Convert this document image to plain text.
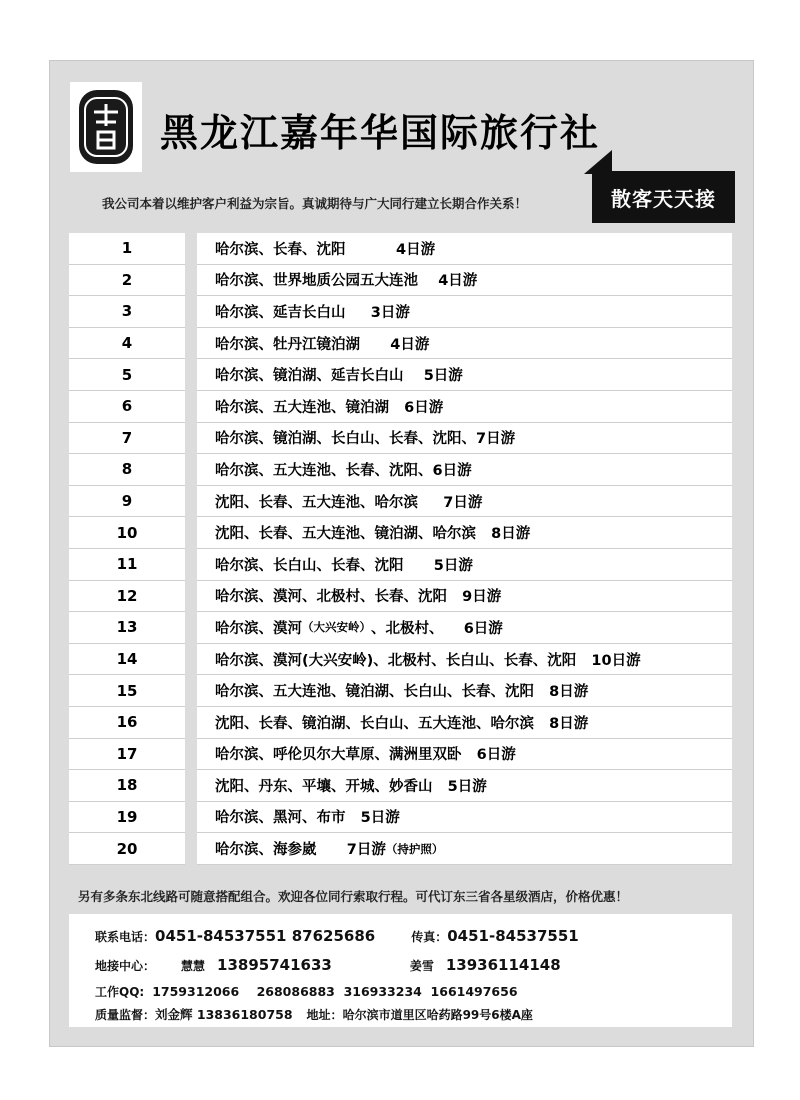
黑龙江嘉年华国际旅行社
我公司本着以维护客户利益为宗旨。真诚期待与广大同行建立长期合作关系！	散客天天接
1	哈尔滨、长春、沈阳          4日游
2	哈尔滨、世界地质公园五大连池    4日游
3	哈尔滨、延吉长白山     3日游
4	哈尔滨、牡丹江镜泊湖      4日游
5	哈尔滨、镜泊湖、延吉长白山    5日游
6	哈尔滨、五大连池、镜泊湖   6日游
7	哈尔滨、镜泊湖、长白山、长春、沈阳、7日游
8	哈尔滨、五大连池、长春、沈阳、6日游
9	沈阳、长春、五大连池、哈尔滨     7日游
10	沈阳、长春、五大连池、镜泊湖、哈尔滨   8日游
11	哈尔滨、长白山、长春、沈阳      5日游
12	哈尔滨、漠河、北极村、长春、沈阳   9日游
13	哈尔滨、漠河 （大兴安岭） 、北极村、    6日游
14	哈尔滨、漠河(大兴安岭)、北极村、长白山、长春、沈阳   10日游
15	哈尔滨、五大连池、镜泊湖、长白山、长春、沈阳   8日游
16	沈阳、长春、镜泊湖、长白山、五大连池、哈尔滨   8日游
17	哈尔滨、呼伦贝尔大草原、满洲里双卧   6日游
18	沈阳、丹东、平壤、开城、妙香山   5日游
19	哈尔滨、黑河、布市   5日游
20	哈尔滨、海参崴      7日游 （持护照）
另有多条东北线路可随意搭配组合。欢迎各位同行索取行程。可代订东三省各星级酒店，价格优惠！
联系电话：0451-84537551 87625686	传真：0451-84537551
地接中心： 慧慧 13895741633	姜雪 13936114148
工作QQ: 1759312066    268086883  316933234  1661497656
质量监督：刘金辉 13836180758 地址：哈尔滨市道里区哈药路99号6楼A座
